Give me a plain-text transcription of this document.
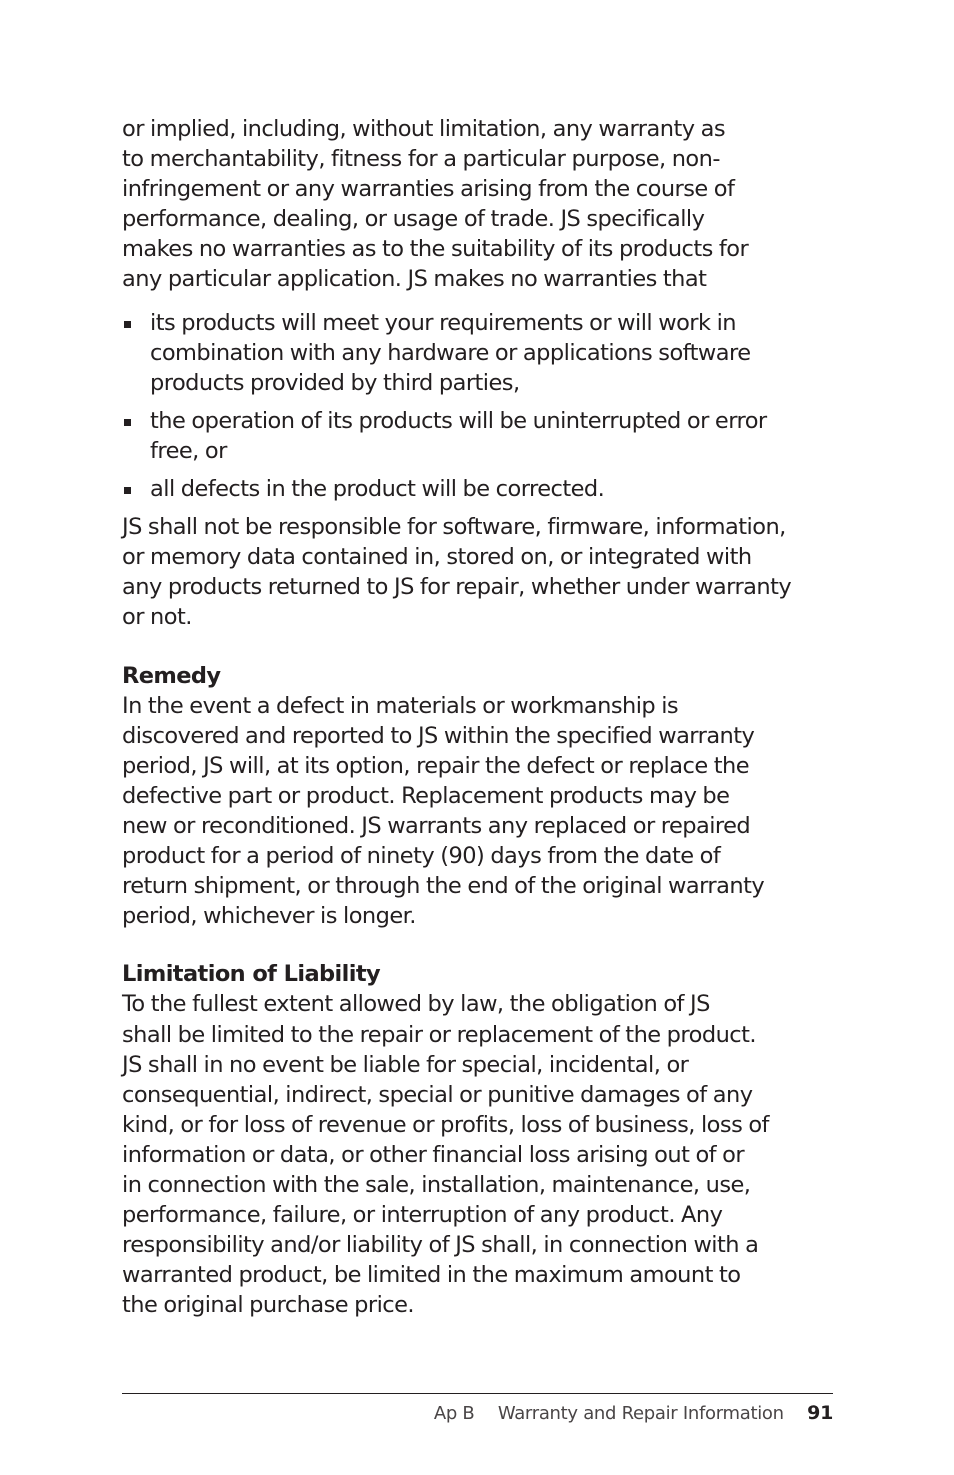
or implied, including, without limitation, any warranty as
to merchantability, fitness for a particular purpose, non-
infringement or any warranties arising from the course of
performance, dealing, or usage of trade. JS specifically
makes no warranties as to the suitability of its products for
any particular application. JS makes no warranties that

its products will meet your requirements or will work in
combination with any hardware or applications software
products provided by third parties,

the operation of its products will be uninterrupted or error
free, or

all defects in the product will be corrected.

JS shall not be responsible for software, firmware, information,
or memory data contained in, stored on, or integrated with
any products returned to JS for repair, whether under warranty
or not.

Remedy

In the event a defect in materials or workmanship is
discovered and reported to JS within the specified warranty
period, JS will, at its option, repair the defect or replace the
defective part or product. Replacement products may be
new or reconditioned. JS warrants any replaced or repaired
product for a period of ninety (90) days from the date of
return shipment, or through the end of the original warranty
period, whichever is longer.

Limitation of Liability

To the fullest extent allowed by law, the obligation of JS
shall be limited to the repair or replacement of the product.
JS shall in no event be liable for special, incidental, or
consequential, indirect, special or punitive damages of any
kind, or for loss of revenue or profits, loss of business, loss of
information or data, or other financial loss arising out of or
in connection with the sale, installation, maintenance, use,
performance, failure, or interruption of any product. Any
responsibility and/or liability of JS shall, in connection with a
warranted product, be limited in the maximum amount to
the original purchase price.

Ap B Warranty and Repair Information 91
